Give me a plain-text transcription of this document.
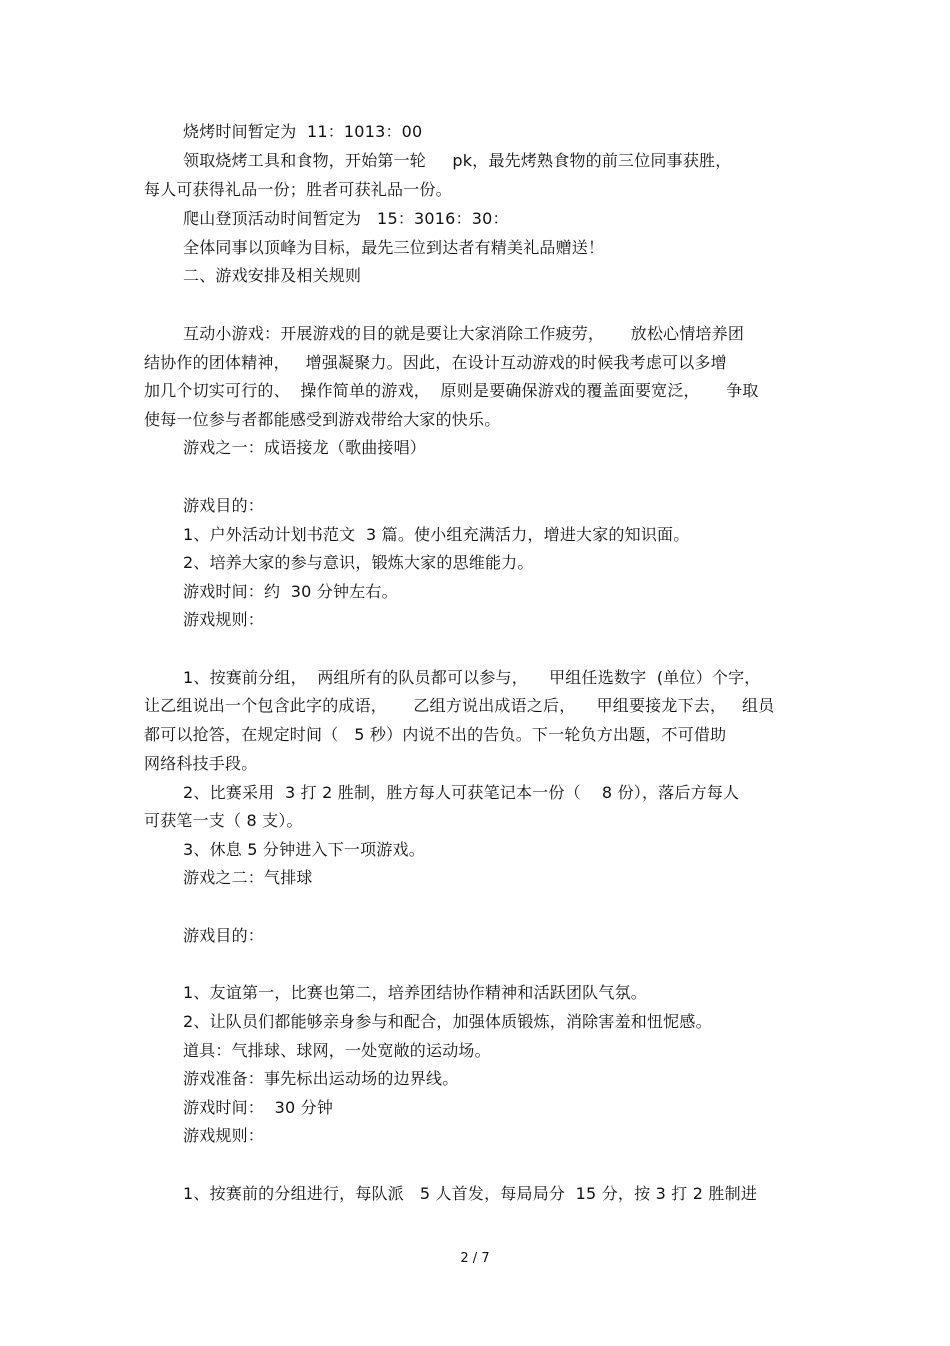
烧烤时间暂定为  11：1013：00
领取烧烤工具和食物，开始第一轮     pk，最先烤熟食物的前三位同事获胜，
每人可获得礼品一份；胜者可获礼品一份。
爬山登顶活动时间暂定为   15：3016：30：
全体同事以顶峰为目标，最先三位到达者有精美礼品赠送！
二、游戏安排及相关规则
互动小游戏：开展游戏的目的就是要让大家消除工作疲劳，     放松心情培养团
结协作的团体精神，   增强凝聚力。因此，在设计互动游戏的时候我考虑可以多增
加几个切实可行的、  操作简单的游戏，  原则是要确保游戏的覆盖面要宽泛，     争取
使每一位参与者都能感受到游戏带给大家的快乐。
游戏之一：成语接龙（歌曲接唱）
游戏目的：
1、户外活动计划书范文  3 篇。使小组充满活力，增进大家的知识面。
2、培养大家的参与意识，锻炼大家的思维能力。
游戏时间：约  30 分钟左右。
游戏规则：
1、按赛前分组，  两组所有的队员都可以参与，    甲组任选数字  (单位）个字，
让乙组说出一个包含此字的成语，     乙组方说出成语之后，    甲组要接龙下去，   组员
都可以抢答，在规定时间（   5 秒）内说不出的告负。下一轮负方出题，不可借助
网络科技手段。
2、比赛采用  3 打 2 胜制，胜方每人可获笔记本一份（    8 份），落后方每人
可获笔一支（ 8 支）。
3、休息 5 分钟进入下一项游戏。
游戏之二：气排球
游戏目的：
1、友谊第一，比赛也第二，培养团结协作精神和活跃团队气氛。
2、让队员们都能够亲身参与和配合，加强体质锻炼，消除害羞和忸怩感。
道具：气排球、球网，一处宽敞的运动场。
游戏准备：事先标出运动场的边界线。
游戏时间：  30 分钟
游戏规则：
1、按赛前的分组进行，每队派   5 人首发，每局局分  15 分，按 3 打 2 胜制进
2 / 7
